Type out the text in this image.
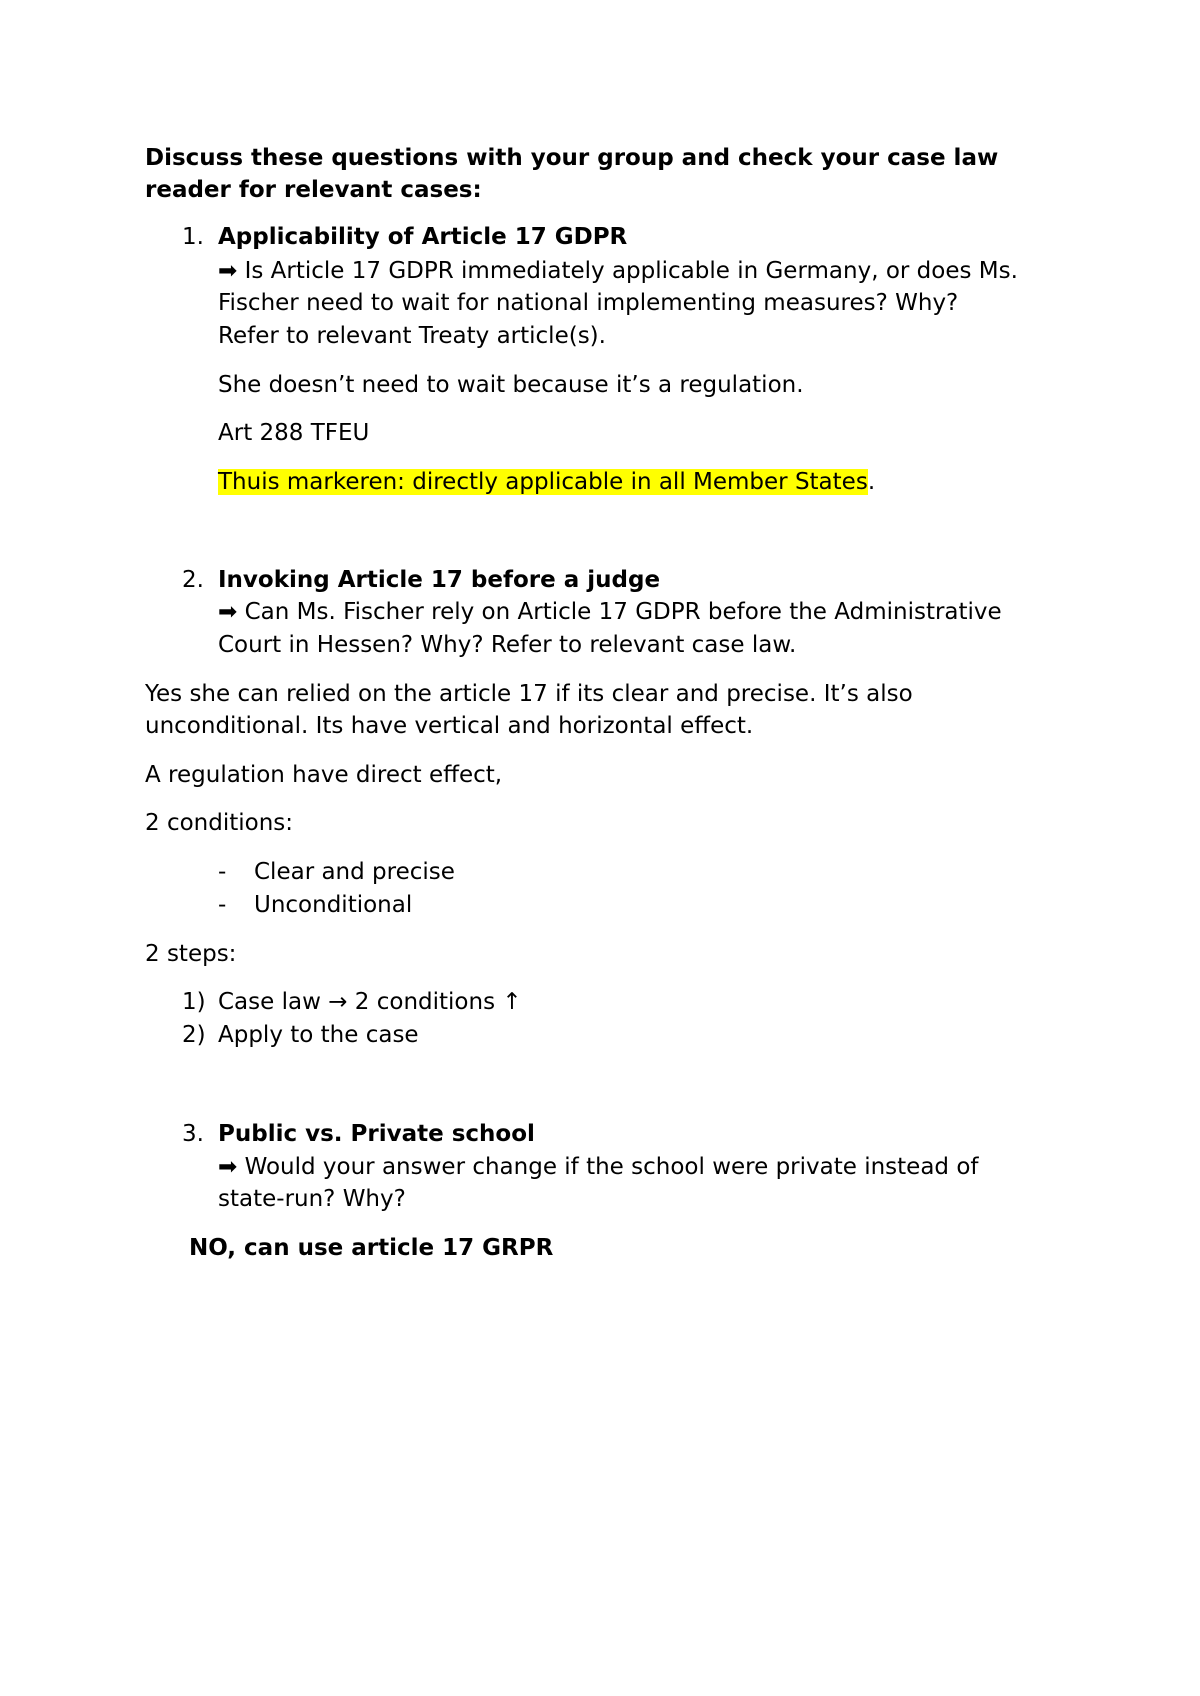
Discuss these questions with your group and check your case law
reader for relevant cases:
1. Applicability of Article 17 GDPR
➡ Is Article 17 GDPR immediately applicable in Germany, or does Ms.
Fischer need to wait for national implementing measures? Why?
Refer to relevant Treaty article(s).
She doesn’t need to wait because it’s a regulation.
Art 288 TFEU
Thuis markeren: directly applicable in all Member States.
2. Invoking Article 17 before a judge
➡ Can Ms. Fischer rely on Article 17 GDPR before the Administrative
Court in Hessen? Why? Refer to relevant case law.
Yes she can relied on the article 17 if its clear and precise. It’s also
unconditional. Its have vertical and horizontal effect.
A regulation have direct effect,
2 conditions:
- Clear and precise
- Unconditional
2 steps:
1) Case law → 2 conditions ↑
2) Apply to the case
3. Public vs. Private school
➡ Would your answer change if the school were private instead of
state-run? Why?
NO, can use article 17 GRPR
